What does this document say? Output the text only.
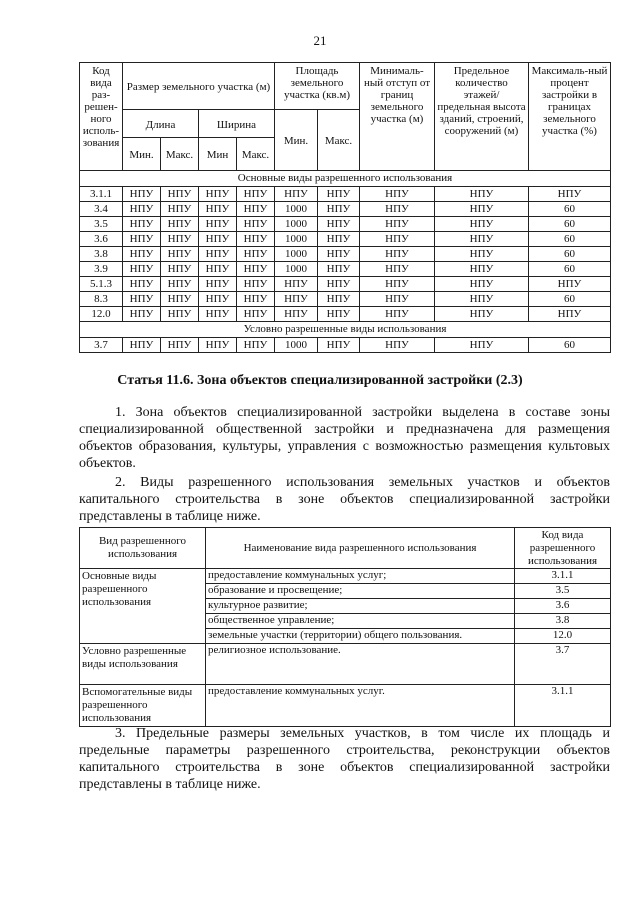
21
Код вида раз-решен-ного исполь-зования	Размер земельного участка (м)				Площадь земельного участка (кв.м)		Минималь-ный отступ от границ земельного участка (м)	Предельное количество этажей/ предельная высота зданий, строений, сооружений (м)	Максималь-ный процент застройки в границах земельного участка (%)
	Длина		Ширина		Мин.	Макс.			
	Мин.	Макс.	Мин	Макс.					
Основные виды разрешенного использования									
3.1.1	НПУ	НПУ	НПУ	НПУ	НПУ	НПУ	НПУ	НПУ	НПУ
3.4	НПУ	НПУ	НПУ	НПУ	1000	НПУ	НПУ	НПУ	60
3.5	НПУ	НПУ	НПУ	НПУ	1000	НПУ	НПУ	НПУ	60
3.6	НПУ	НПУ	НПУ	НПУ	1000	НПУ	НПУ	НПУ	60
3.8	НПУ	НПУ	НПУ	НПУ	1000	НПУ	НПУ	НПУ	60
3.9	НПУ	НПУ	НПУ	НПУ	1000	НПУ	НПУ	НПУ	60
5.1.3	НПУ	НПУ	НПУ	НПУ	НПУ	НПУ	НПУ	НПУ	НПУ
8.3	НПУ	НПУ	НПУ	НПУ	НПУ	НПУ	НПУ	НПУ	60
12.0	НПУ	НПУ	НПУ	НПУ	НПУ	НПУ	НПУ	НПУ	НПУ
Условно разрешенные виды использования									
3.7	НПУ	НПУ	НПУ	НПУ	1000	НПУ	НПУ	НПУ	60
Статья 11.6. Зона объектов специализированной застройки (2.3)

1. Зона объектов специализированной застройки выделена в составе зоны специализированной общественной застройки и предназначена для размещения объектов образования, культуры, управления с возможностью размещения культовых объектов.

2. Виды разрешенного использования земельных участков и объектов капитального строительства в зоне объектов специализированной застройки представлены в таблице ниже.

Вид разрешенного использования	Наименование вида разрешенного использования	Код вида разрешенного использования
Основные виды разрешенного использования	предоставление коммунальных услуг;	3.1.1
	образование и просвещение;	3.5
	культурное развитие;	3.6
	общественное управление;	3.8
	земельные участки (территории) общего пользования.	12.0
Условно разрешенные виды использования	религиозное использование.	3.7
Вспомогательные виды разрешенного использования	предоставление коммунальных услуг.	3.1.1

3. Предельные размеры земельных участков, в том числе их площадь и предельные параметры разрешенного строительства, реконструкции объектов капитального строительства в зоне объектов специализированной застройки представлены в таблице ниже.
